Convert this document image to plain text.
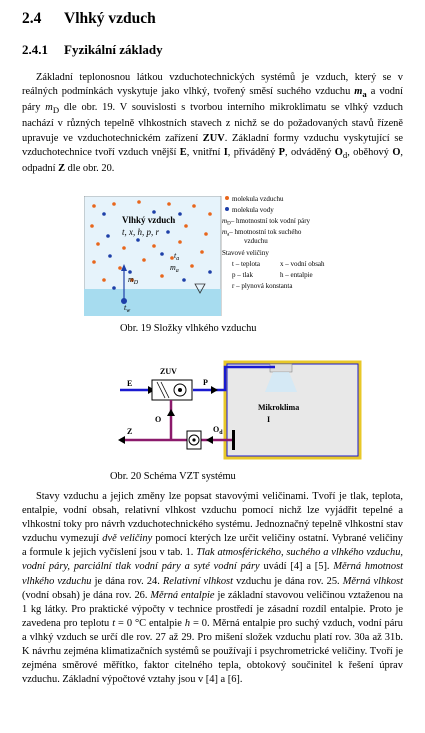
2.4 Vlhký vzduch
2.4.1 Fyzikální základy

Základní teplonosnou látkou vzduchotechnických systémů je vzduch, který se v reálných podmínkách vyskytuje jako vlhký, tvořený směsí suchého vzduchu $m_a$ a vodní páry $m_D$ dle obr. 19. V souvislosti s tvorbou interního mikroklimatu se vlhký vzduch nachází v různých tepelně vlhkostních stavech z nichž se do požadovaných stavů řízeně upravuje ve vzduchotechnickém zařízení ZUV. Základní formy vzduchu vyskytující se vzduchotechnice tvoří vzduch vnější E, vnitřní I, přiváděný P, odváděný $O_d$, oběhový O, odpadní Z dle obr. 20.

Vlhký vzduch
t, x, h, p, r
$m_D$
$m_a$
$t_a$
$t_w$
molekula vzduchu
molekula vody
$m_D-$ hmotnostní tok vodní páry
$m_a-$ hmotnostní tok suchého
vzduchu
Stavové veličiny
t – teplota	x – vodní obsah
p – tlak	h – entalpie
r – plynová konstanta
Obr. 19 Složky vlhkého vzduchu
Mikroklima
I
ZUV
E	P
Z
O
$O_d$
Obr. 20 Schéma VZT systému

Stavy vzduchu a jejich změny lze popsat stavovými veličinami. Tvoří je tlak, teplota, entalpie, vodní obsah, relativní vlhkost vzduchu pomocí nichž lze vyjádřit tepelné a vlhkostní toky pro návrh vzduchotechnického systému. Jednoznačný tepelně vlhkostní stav vzduchu vymezují dvě veličiny pomocí kterých lze určit veličiny ostatní. Vybrané veličiny a formule k jejich vyčíslení jsou v tab. 1. Tlak atmosférického, suchého a vlhkého vzduchu, vodní páry, parciální tlak vodní páry a syté vodní páry uvádí [4] a [5]. Měrná hmotnost vlhkého vzduchu je dána rov. 24. Relativní vlhkost vzduchu je dána rov. 25. Měrná vlhkost (vodní obsah) je dána rov. 26. Měrná entalpie je základní stavovou veličinou vztaženou na 1 kg látky. Pro praktické výpočty v technice prostředí je zásadní rozdíl entalpie. Proto je zavedena pro teplotu t = 0 °C entalpie h = 0. Měrná entalpie pro suchý vzduch, vodní páru a vlhký vzduch se určí dle rov. 27 až 29. Pro mišení složek vzduchu platí rov. 30a až 31b. K návrhu zejména klimatizačních systémů se používají i psychrometrické veličiny. Tvoří je zejména směrové měřítko, faktor citelného tepla, obtokový součinitel k řešení úprav vzduchu. Základní výpočtové vztahy jsou v [4] a [6].
